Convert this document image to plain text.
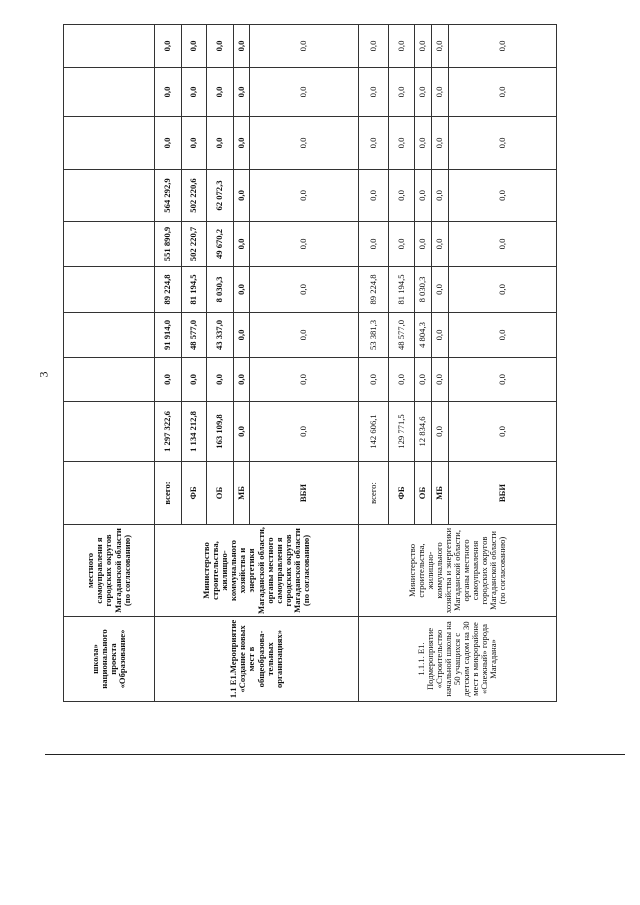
3
школа» национального проекта «Образование»	местного самоуправлени я городских округов Магаданской области (по согласованию)										
1.1 Е1.Мероприятие «Создание новых мест в общеобразова-тельных организациях»	Министерство строительства, жилищно-коммунального хозяйства и энергетики Магаданской области, органы местного самоуправлени я городских округов Магаданской области (по согласованию)	всего:	1 297 322,6	0,0	91 914,0	89 224,8	551 890,9	564 292,9	0,0	0,0	0,0
		ФБ	1 134 212,8	0,0	48 577,0	81 194,5	502 220,7	502 220,6	0,0	0,0	0,0
		ОБ	163 109,8	0,0	43 337,0	8 030,3	49 670,2	62 072,3	0,0	0,0	0,0
		МБ	0,0	0,0	0,0	0,0	0,0	0,0	0,0	0,0	0,0
		ВБИ	0,0	0,0	0,0	0,0	0,0	0,0	0,0	0,0	0,0
1.1.1. Е1. Подмероприятие «Строительство начальной школы на 50 учащихся с детским садом на 30 мест в микрорайоне «Снежный» города Магадана»	Министерство строительства, жилищно-коммунального хозяйства и энергетики Магаданской области, органы местного самоуправления городских округов Магаданской области (по согласованию)	всего:	142 606,1	0,0	53 381,3	89 224,8	0,0	0,0	0,0	0,0	0,0
		ФБ	129 771,5	0,0	48 577,0	81 194,5	0,0	0,0	0,0	0,0	0,0
		ОБ	12 834,6	0,0	4 804,3	8 030,3	0,0	0,0	0,0	0,0	0,0
		МБ	0,0	0,0	0,0	0,0	0,0	0,0	0,0	0,0	0,0
		ВБИ	0,0	0,0	0,0	0,0	0,0	0,0	0,0	0,0	0,0
